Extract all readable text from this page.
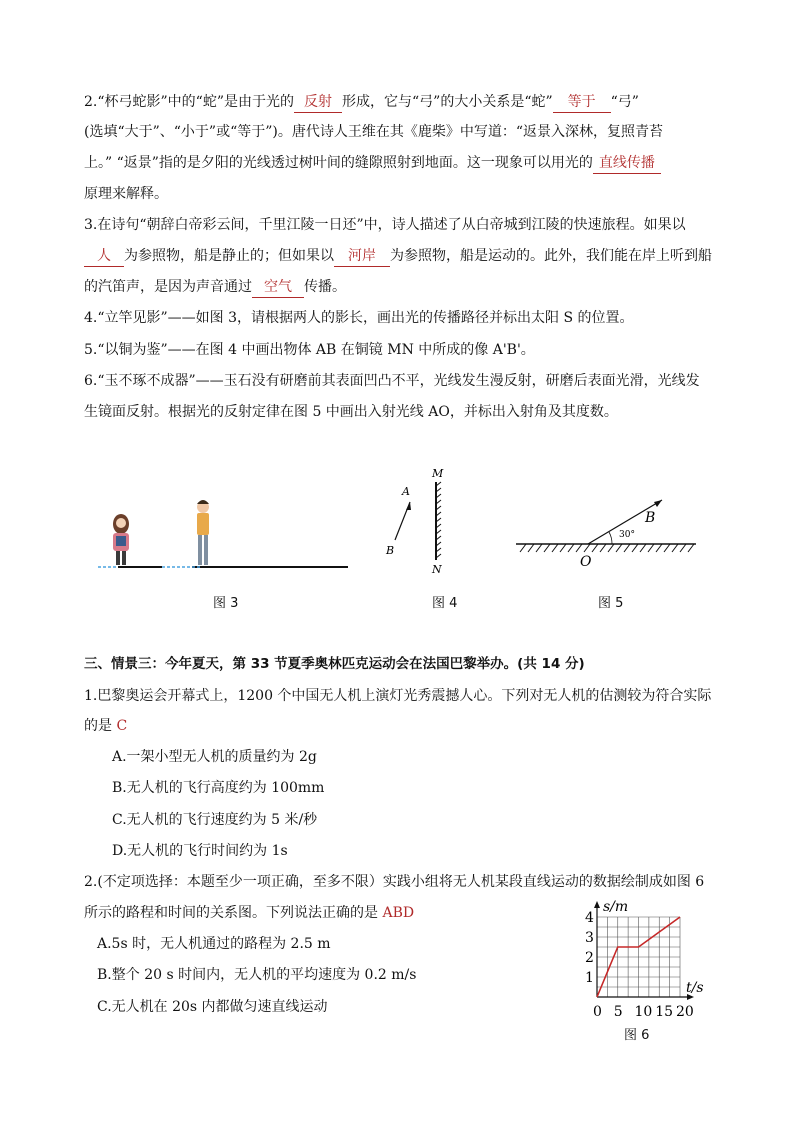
2.“杯弓蛇影”中的“蛇”是由于光的 反射 形成，它与“弓”的大小关系是“蛇” 等于 “弓”
(选填“大于”、“小于”或“等于”)。唐代诗人王维在其《鹿柴》中写道：“返景入深林，复照青苔
上。” “返景”指的是夕阳的光线透过树叶间的缝隙照射到地面。这一现象可以用光的 直线传播
原理来解释。
3.在诗句“朝辞白帝彩云间，千里江陵一日还”中，诗人描述了从白帝城到江陵的快速旅程。如果以
人 为参照物，船是静止的；但如果以 河岸 为参照物，船是运动的。此外，我们能在岸上听到船
的汽笛声，是因为声音通过 空气 传播。
4.“立竿见影”——如图 3，请根据两人的影长，画出光的传播路径并标出太阳 S 的位置。
5.“以铜为鉴”——在图 4 中画出物体 AB 在铜镜 MN 中所成的像 A'B'。
6.“玉不琢不成器”——玉石没有研磨前其表面凹凸不平，光线发生漫反射，研磨后表面光滑，光线发
生镜面反射。根据光的反射定律在图 5 中画出入射光线 AO，并标出入射角及其度数。
图 3
M
N
A
B
图 4
30°
B
O
图 5
三、情景三：今年夏天，第 33 节夏季奥林匹克运动会在法国巴黎举办。(共 14 分)
1.巴黎奥运会开幕式上，1200 个中国无人机上演灯光秀震撼人心。下列对无人机的估测较为符合实际
的是 C
A.一架小型无人机的质量约为 2g
B.无人机的飞行高度约为 100mm
C.无人机的飞行速度约为 5 米/秒
D.无人机的飞行时间约为 1s
2.(不定项选择：本题至少一项正确，至多不限）实践小组将无人机某段直线运动的数据绘制成如图 6
所示的路程和时间的关系图。下列说法正确的是 ABD
A.5s 时，无人机通过的路程为 2.5 m
B.整个 20 s 时间内，无人机的平均速度为 0.2 m/s
C.无人机在 20s 内都做匀速直线运动	0 5 10 15 20
1
2
3
4
s/m
t/s
图 6
